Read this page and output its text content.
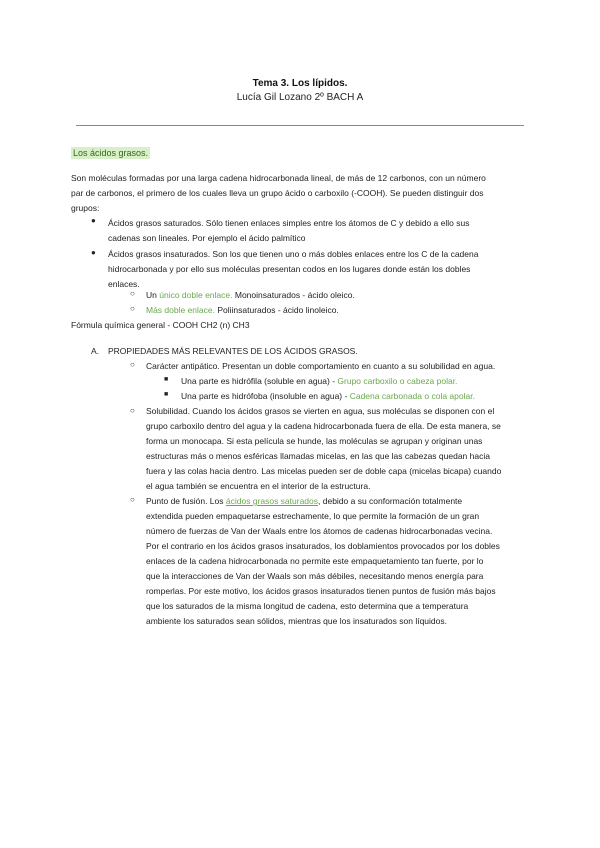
Tema 3. Los lípidos.
Lucía Gil Lozano 2º BACH A
Los ácidos grasos.
Son moléculas formadas por una larga cadena hidrocarbonada lineal, de más de 12 carbonos, con un número
par de carbonos, el primero de los cuales lleva un grupo ácido o carboxilo (-COOH). Se pueden distinguir dos
grupos:
● Ácidos grasos saturados. Sólo tienen enlaces simples entre los átomos de C y debido a ello sus
cadenas son lineales. Por ejemplo el ácido palmítico
● Ácidos grasos insaturados. Son los que tienen uno o más dobles enlaces entre los C de la cadena
hidrocarbonada y por ello sus moléculas presentan codos en los lugares donde están los dobles
enlaces.
○ Un único doble enlace. Monoinsaturados - ácido oleico.
○ Más doble enlace. Poliinsaturados - ácido linoleico.
Fórmula química general - COOH CH2 (n) CH3
A. PROPIEDADES MÁS RELEVANTES DE LOS ÁCIDOS GRASOS.
○ Carácter antipático. Presentan un doble comportamiento en cuanto a su solubilidad en agua.
■ Una parte es hidrófila (soluble en agua) - Grupo carboxilo o cabeza polar.
■ Una parte es hidrófoba (insoluble en agua) - Cadena carbonada o cola apolar.
○ Solubilidad. Cuando los ácidos grasos se vierten en agua, sus moléculas se disponen con el
grupo carboxilo dentro del agua y la cadena hidrocarbonada fuera de ella. De esta manera, se
forma un monocapa. Si esta película se hunde, las moléculas se agrupan y originan unas
estructuras más o menos esféricas llamadas micelas, en las que las cabezas quedan hacia
fuera y las colas hacia dentro. Las micelas pueden ser de doble capa (micelas bicapa) cuando
el agua también se encuentra en el interior de la estructura.
○ Punto de fusión. Los ácidos grasos saturados, debido a su conformación totalmente
extendida pueden empaquetarse estrechamente, lo que permite la formación de un gran
número de fuerzas de Van der Waals entre los átomos de cadenas hidrocarbonadas vecina.
Por el contrario en los ácidos grasos insaturados, los doblamientos provocados por los dobles
enlaces de la cadena hidrocarbonada no permite este empaquetamiento tan fuerte, por lo
que la interacciones de Van der Waals son más débiles, necesitando menos energía para
romperlas. Por este motivo, los ácidos grasos insaturados tienen puntos de fusión más bajos
que los saturados de la misma longitud de cadena, esto determina que a temperatura
ambiente los saturados sean sólidos, mientras que los insaturados son líquidos.
